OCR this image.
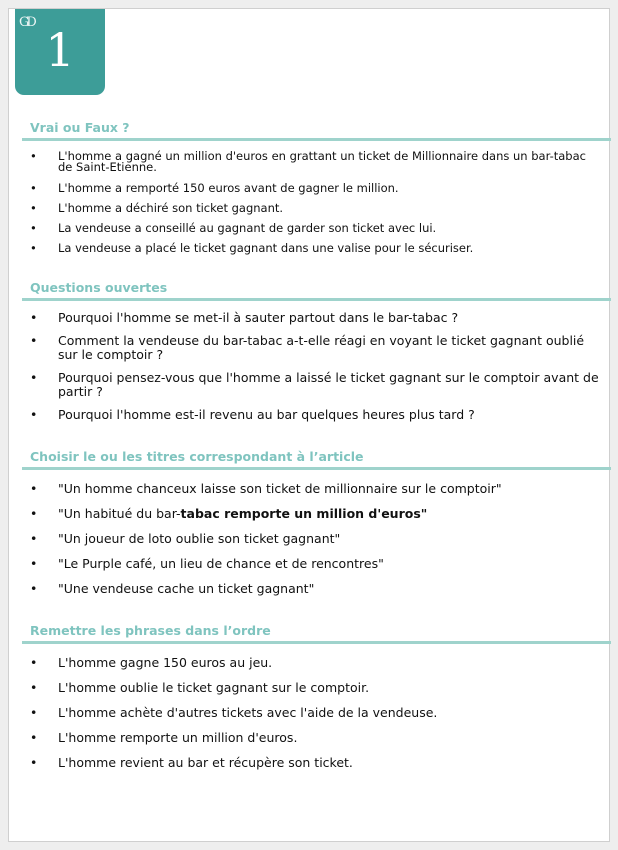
GD
1
Vrai ou Faux ?
• L'homme a gagné un million d'euros en grattant un ticket de Millionnaire dans un bar-tabac de Saint-Etienne.
• L'homme a remporté 150 euros avant de gagner le million.
• L'homme a déchiré son ticket gagnant.
• La vendeuse a conseillé au gagnant de garder son ticket avec lui.
• La vendeuse a placé le ticket gagnant dans une valise pour le sécuriser.
Questions ouvertes
• Pourquoi l'homme se met-il à sauter partout dans le bar-tabac ?
• Comment la vendeuse du bar-tabac a-t-elle réagi en voyant le ticket gagnant oublié sur le comptoir ?
• Pourquoi pensez-vous que l'homme a laissé le ticket gagnant sur le comptoir avant de partir ?
• Pourquoi l'homme est-il revenu au bar quelques heures plus tard ?
Choisir le ou les titres correspondant à l’article
• "Un homme chanceux laisse son ticket de millionnaire sur le comptoir"
• "Un habitué du bar-tabac remporte un million d'euros"
• "Un joueur de loto oublie son ticket gagnant"
• "Le Purple café, un lieu de chance et de rencontres"
• "Une vendeuse cache un ticket gagnant"
Remettre les phrases dans l’ordre
• L'homme gagne 150 euros au jeu.
• L'homme oublie le ticket gagnant sur le comptoir.
• L'homme achète d'autres tickets avec l'aide de la vendeuse.
• L'homme remporte un million d'euros.
• L'homme revient au bar et récupère son ticket.
